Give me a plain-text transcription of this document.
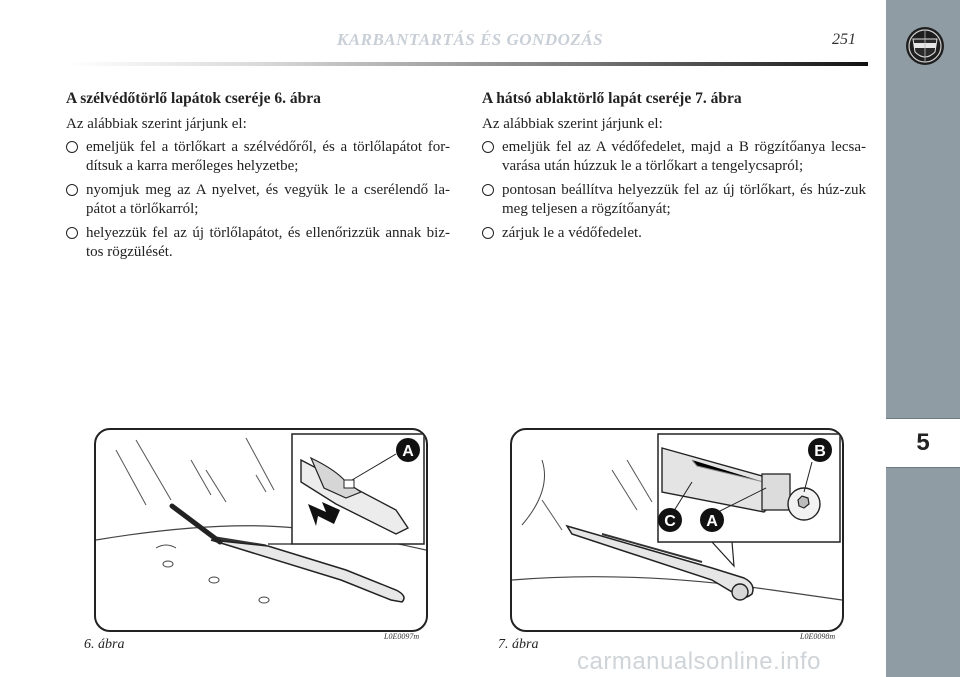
KARBANTARTÁS ÉS GONDOZÁS	251
5

A szélvédőtörlő lapátok cseréje 6. ábra

Az alábbiak szerint járjunk el:

emeljük fel a törlőkart a szélvédőről, és a törlőlapátot for-dítsuk a karra merőleges helyzetbe;
nyomjuk meg az A nyelvet, és vegyük le a cserélendő la-pátot a törlőkarról;
helyezzük fel az új törlőlapátot, és ellenőrizzük annak biz-tos rögzülését.

A hátsó ablaktörlő lapát cseréje 7. ábra

Az alábbiak szerint járjunk el:

emeljük fel az A védőfedelet, majd a B rögzítőanya lecsa-varása után húzzuk le a törlőkart a tengelycsapról;
pontosan beállítva helyezzük fel az új törlőkart, és húz-zuk meg teljesen a rögzítőanyát;
zárjuk le a védőfedelet.
A
6. ábra
L0E0097m
B
C A
7. ábra
L0E0098m
carmanualsonline.info
